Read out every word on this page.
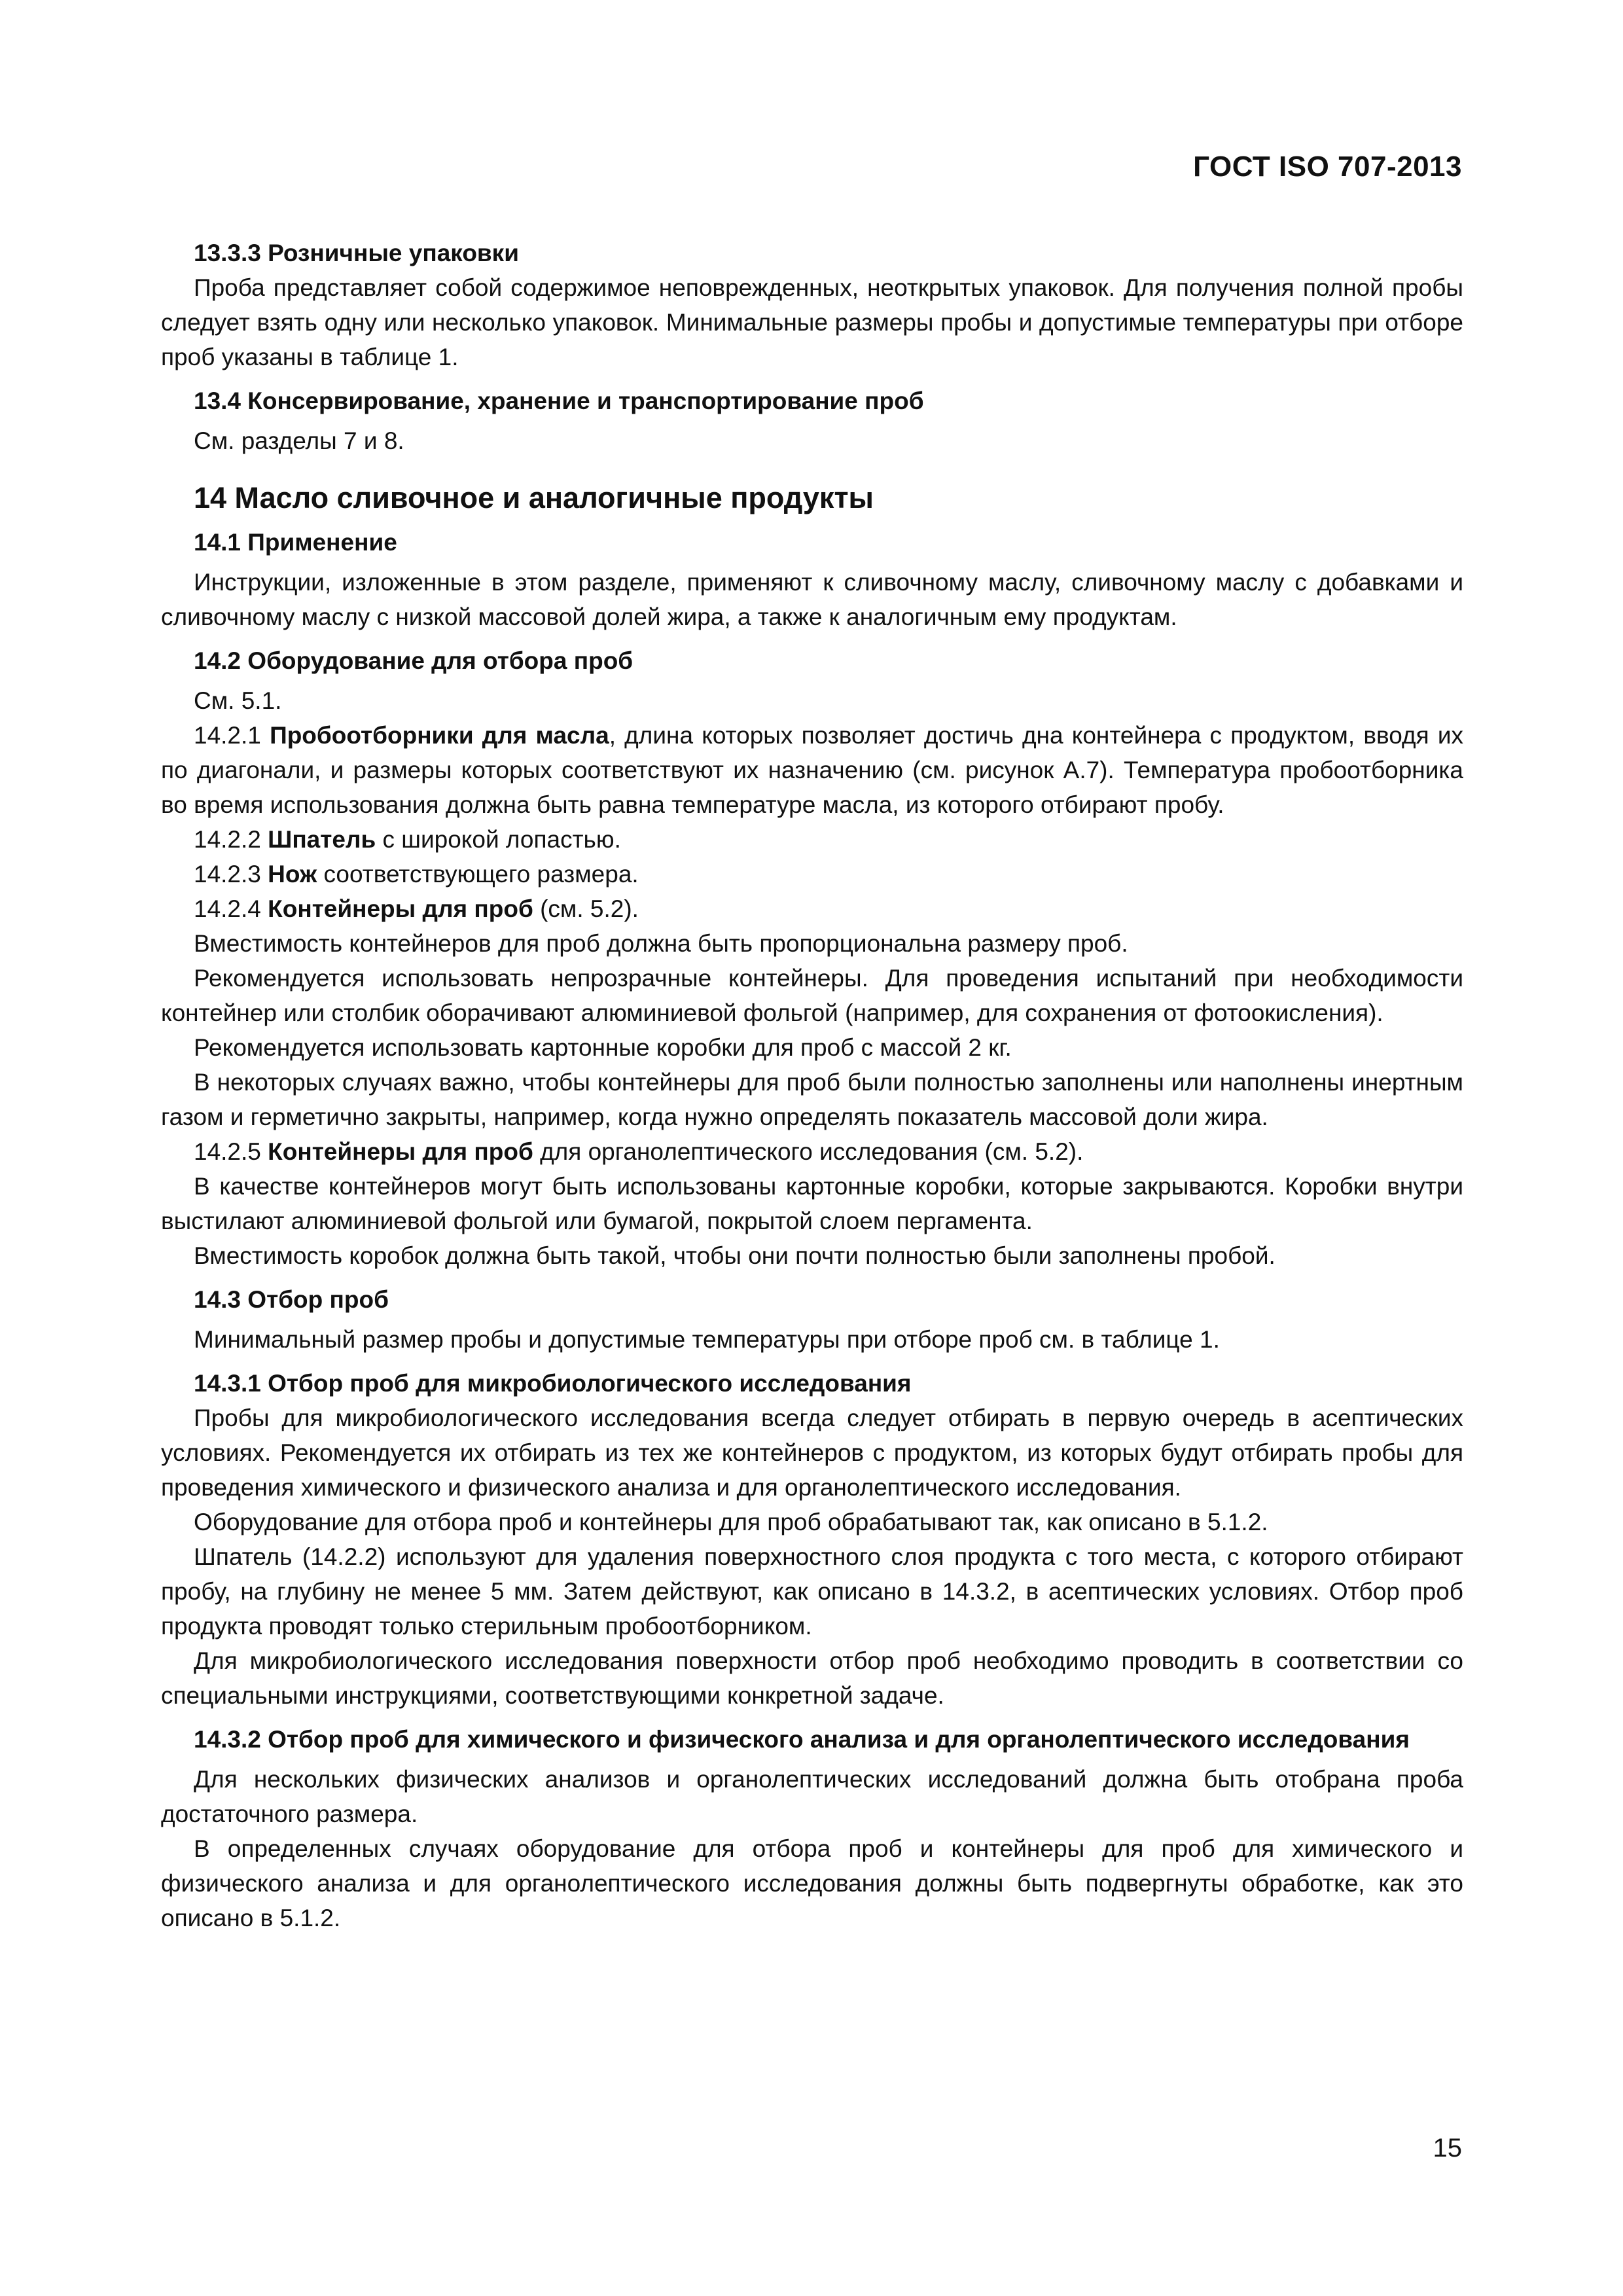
ГОСТ ISO 707-2013
13.3.3 Розничные упаковки

Проба представляет собой содержимое неповрежденных, неоткрытых упаковок. Для получения полной пробы следует взять одну или несколько упаковок. Минимальные размеры пробы и допустимые температуры при отборе проб указаны в таблице 1.

13.4 Консервирование, хранение и транспортирование проб

См. разделы 7 и 8.

14 Масло сливочное и аналогичные продукты
14.1 Применение

Инструкции, изложенные в этом разделе, применяют к сливочному маслу, сливочному маслу с добавками и сливочному маслу с низкой массовой долей жира, а также к аналогичным ему продуктам.

14.2 Оборудование для отбора проб

См. 5.1.

14.2.1 Пробоотборники для масла, длина которых позволяет достичь дна контейнера с продуктом, вводя их по диагонали, и размеры которых соответствуют их назначению (см. рисунок А.7). Температура пробоотборника во время использования должна быть равна температуре масла, из которого отбирают пробу.

14.2.2 Шпатель с широкой лопастью.

14.2.3 Нож соответствующего размера.

14.2.4 Контейнеры для проб (см. 5.2).

Вместимость контейнеров для проб должна быть пропорциональна размеру проб.

Рекомендуется использовать непрозрачные контейнеры. Для проведения испытаний при необходимости контейнер или столбик оборачивают алюминиевой фольгой (например, для сохранения от фотоокисления).

Рекомендуется использовать картонные коробки для проб с массой 2 кг.

В некоторых случаях важно, чтобы контейнеры для проб были полностью заполнены или наполнены инертным газом и герметично закрыты, например, когда нужно определять показатель массовой доли жира.

14.2.5 Контейнеры для проб для органолептического исследования (см. 5.2).

В качестве контейнеров могут быть использованы картонные коробки, которые закрываются. Коробки внутри выстилают алюминиевой фольгой или бумагой, покрытой слоем пергамента.

Вместимость коробок должна быть такой, чтобы они почти полностью были заполнены пробой.

14.3 Отбор проб

Минимальный размер пробы и допустимые температуры при отборе проб см. в таблице 1.

14.3.1 Отбор проб для микробиологического исследования

Пробы для микробиологического исследования всегда следует отбирать в первую очередь в асептических условиях. Рекомендуется их отбирать из тех же контейнеров с продуктом, из которых будут отбирать пробы для проведения химического и физического анализа и для органолептического исследования.

Оборудование для отбора проб и контейнеры для проб обрабатывают так, как описано в 5.1.2.

Шпатель (14.2.2) используют для удаления поверхностного слоя продукта с того места, с которого отбирают пробу, на глубину не менее 5 мм. Затем действуют, как описано в 14.3.2, в асептических условиях. Отбор проб продукта проводят только стерильным пробоотборником.

Для микробиологического исследования поверхности отбор проб необходимо проводить в соответствии со специальными инструкциями, соответствующими конкретной задаче.

14.3.2 Отбор проб для химического и физического анализа и для органолептического исследования

Для нескольких физических анализов и органолептических исследований должна быть отобрана проба достаточного размера.

В определенных случаях оборудование для отбора проб и контейнеры для проб для химического и физического анализа и для органолептического исследования должны быть подвергнуты обработке, как это описано в 5.1.2.

15
